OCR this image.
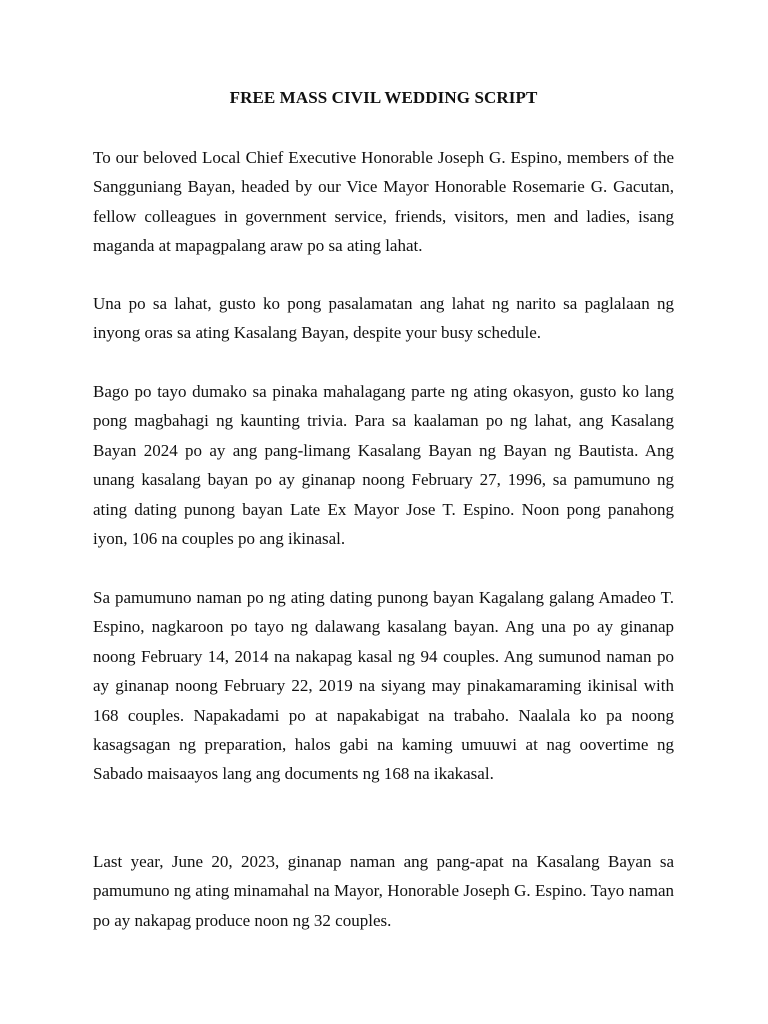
FREE MASS CIVIL WEDDING SCRIPT

To our beloved Local Chief Executive Honorable Joseph G. Espino, members of the Sangguniang Bayan, headed by our Vice Mayor Honorable Rosemarie G. Gacutan, fellow colleagues in government service, friends, visitors, men and ladies, isang maganda at mapagpalang araw po sa ating lahat.

Una po sa lahat, gusto ko pong pasalamatan ang lahat ng narito sa paglalaan ng inyong oras sa ating Kasalang Bayan, despite your busy schedule.

Bago po tayo dumako sa pinaka mahalagang parte ng ating okasyon, gusto ko lang pong magbahagi ng kaunting trivia. Para sa kaalaman po ng lahat, ang Kasalang Bayan 2024 po ay ang pang-limang Kasalang Bayan ng Bayan ng Bautista. Ang unang kasalang bayan po ay ginanap noong February 27, 1996, sa pamumuno ng ating dating punong bayan Late Ex Mayor Jose T. Espino. Noon pong panahong iyon, 106 na couples po ang ikinasal.

Sa pamumuno naman po ng ating dating punong bayan Kagalang galang Amadeo T. Espino, nagkaroon po tayo ng dalawang kasalang bayan. Ang una po ay ginanap noong February 14, 2014 na nakapag kasal ng 94 couples. Ang sumunod naman po ay ginanap noong February 22, 2019 na siyang may pinakamaraming ikinisal with 168 couples. Napakadami po at napakabigat na trabaho. Naalala ko pa noong kasagsagan ng preparation, halos gabi na kaming umuuwi at nag oovertime ng Sabado maisaayos lang ang documents ng 168 na ikakasal.

Last year, June 20, 2023, ginanap naman ang pang-apat na Kasalang Bayan sa pamumuno ng ating minamahal na Mayor, Honorable Joseph G. Espino. Tayo naman po ay nakapag produce noon ng 32 couples.
